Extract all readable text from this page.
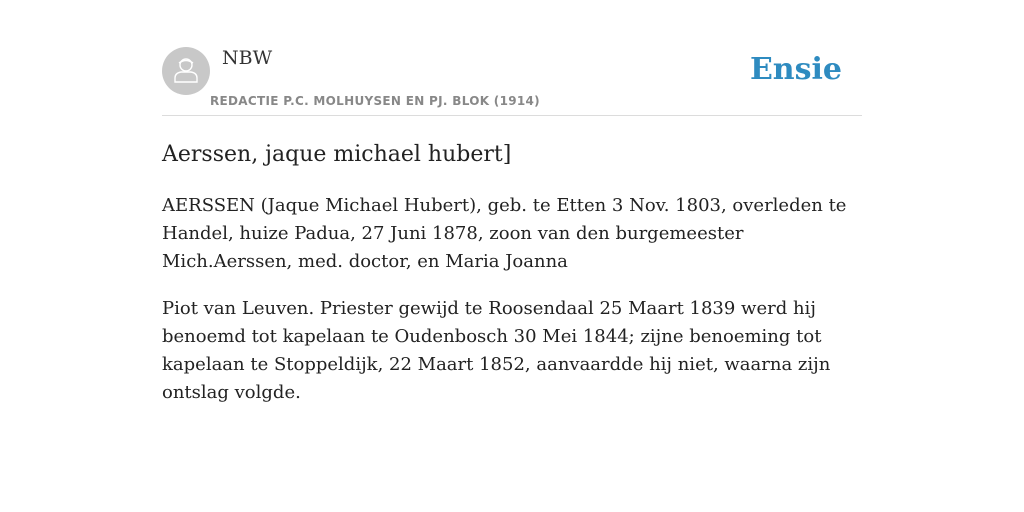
NBW
REDACTIE P.C. MOLHUYSEN EN PJ. BLOK (1914)
Ensie
Aerssen, jaque michael hubert]

AERSSEN (Jaque Michael Hubert), geb. te Etten 3 Nov. 1803, overleden te Handel, huize Padua, 27 Juni 1878, zoon van den burgemeester Mich.Aerssen, med. doctor, en Maria Joanna

Piot van Leuven. Priester gewijd te Roosendaal 25 Maart 1839 werd hij benoemd tot kapelaan te Oudenbosch 30 Mei 1844; zijne benoeming tot kapelaan te Stoppeldijk, 22 Maart 1852, aanvaardde hij niet, waarna zijn ontslag volgde.
